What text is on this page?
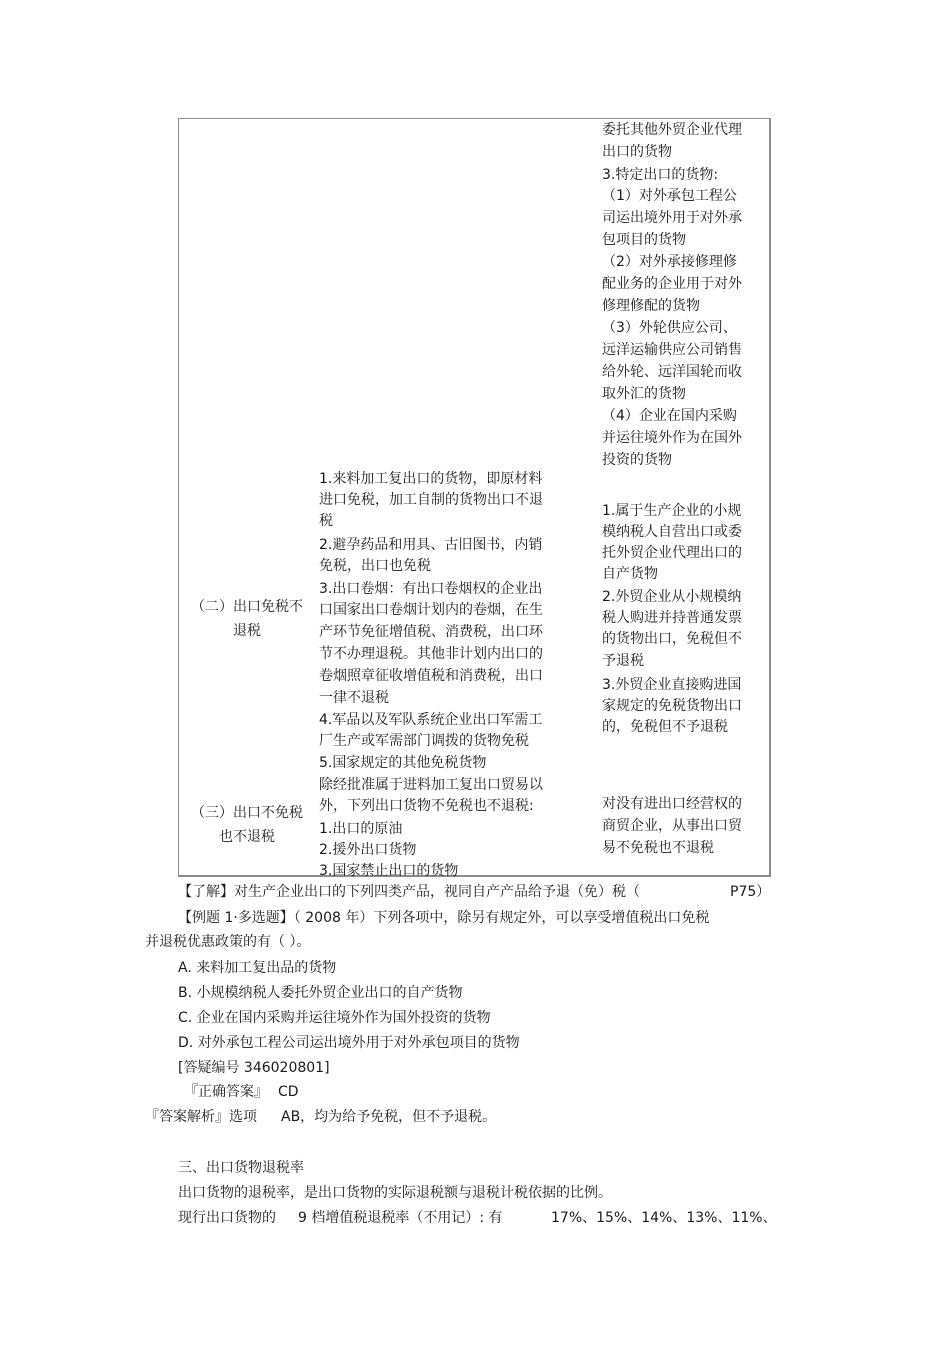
委托其他外贸企业代理
出口的货物
3.特定出口的货物:
（1）对外承包工程公
司运出境外用于对外承
包项目的货物
（2）对外承接修理修
配业务的企业用于对外
修理修配的货物
（3）外轮供应公司、
远洋运输供应公司销售
给外轮、远洋国轮而收
取外汇的货物
（4）企业在国内采购
并运往境外作为在国外
投资的货物
（二）出口免税不
退税
1.来料加工复出口的货物，即原材料
进口免税，加工自制的货物出口不退
税
2.避孕药品和用具、古旧图书，内销
免税，出口也免税
3.出口卷烟：有出口卷烟权的企业出
口国家出口卷烟计划内的卷烟，在生
产环节免征增值税、消费税，出口环
节不办理退税。其他非计划内出口的
卷烟照章征收增值税和消费税，出口
一律不退税
4.军品以及军队系统企业出口军需工
厂生产或军需部门调拨的货物免税
5.国家规定的其他免税货物
1.属于生产企业的小规
模纳税人自营出口或委
托外贸企业代理出口的
自产货物
2.外贸企业从小规模纳
税人购进并持普通发票
的货物出口，免税但不
予退税
3.外贸企业直接购进国
家规定的免税货物出口
的，免税但不予退税
（三）出口不免税
也不退税
除经批准属于进料加工复出口贸易以
外，下列出口货物不免税也不退税:
1.出口的原油
2.援外出口货物
3.国家禁止出口的货物
对没有进出口经营权的
商贸企业，从事出口贸
易不免税也不退税
【了解】对生产企业出口的下列四类产品，视同自产产品给予退（免）税（	P75）
【例题 1·多选题】（ 2008 年）下列各项中，除另有规定外，可以享受增值税出口免税
并退税优惠政策的有（ ）。
A. 来料加工复出品的货物
B. 小规模纳税人委托外贸企业出口的自产货物
C. 企业在国内采购并运往境外作为国外投资的货物
D. 对外承包工程公司运出境外用于对外承包项目的货物
[答疑编号 346020801]
『正确答案』 CD
『答案解析』选项 AB，均为给予免税，但不予退税。
三、出口货物退税率
出口货物的退税率，是出口货物的实际退税额与退税计税依据的比例。
现行出口货物的 9 档增值税退税率（不用记）: 有	17%、15%、14%、13%、11%、
